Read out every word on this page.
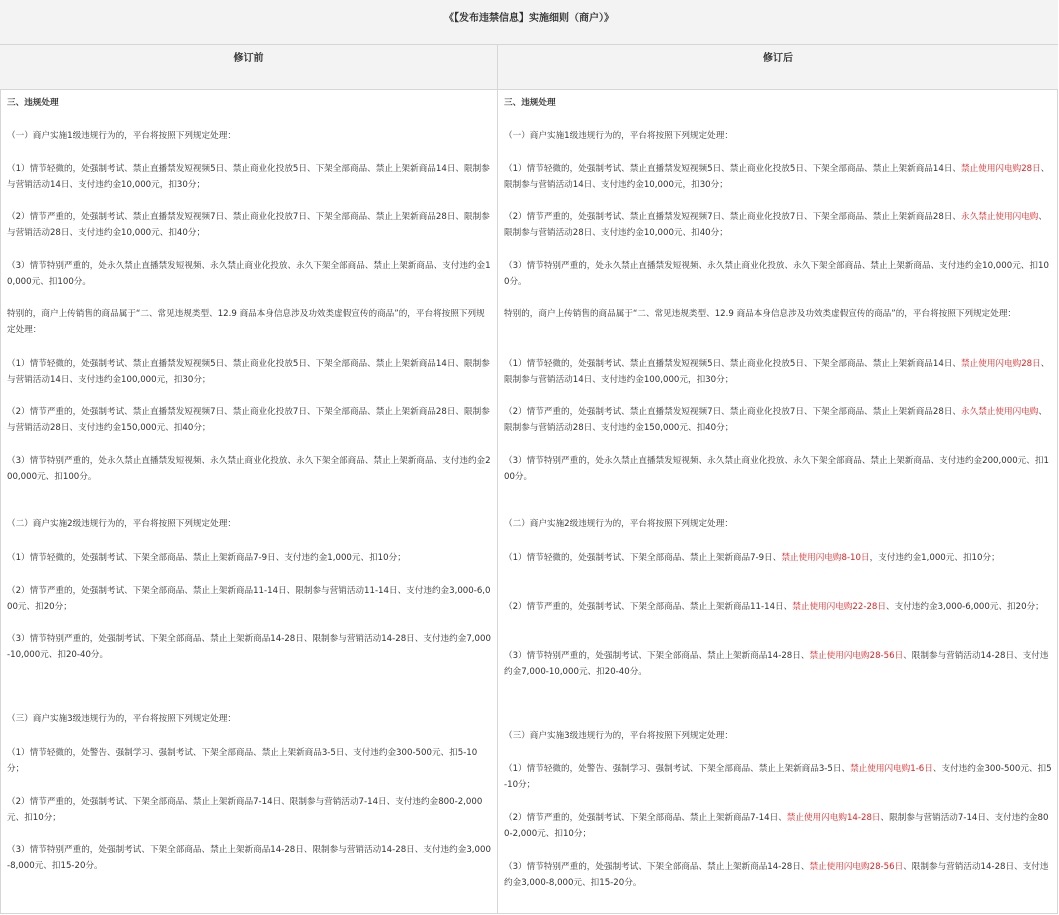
《【发布违禁信息】实施细则（商户）》
修订前	修订后
三、违规处理
（一）商户实施1级违规行为的，平台将按照下列规定处理：
（1）情节轻微的，处强制考试、禁止直播禁发短视频5日、禁止商业化投放5日、下架全部商品、禁止上架新商品14日、限制参与营销活动14日、支付违约金10,000元，扣30分；
（2）情节严重的，处强制考试、禁止直播禁发短视频7日、禁止商业化投放7日、下架全部商品、禁止上架新商品28日、限制参与营销活动28日、支付违约金10,000元、扣40分；
（3）情节特别严重的，处永久禁止直播禁发短视频、永久禁止商业化投放、永久下架全部商品、禁止上架新商品、支付违约金10,000元、扣100分。
特别的，商户上传销售的商品属于“二、常见违规类型、12.9 商品本身信息涉及功效类虚假宣传的商品”的，平台将按照下列规定处理：
（1）情节轻微的，处强制考试、禁止直播禁发短视频5日、禁止商业化投放5日、下架全部商品、禁止上架新商品14日、限制参与营销活动14日、支付违约金100,000元，扣30分；
（2）情节严重的，处强制考试、禁止直播禁发短视频7日、禁止商业化投放7日、下架全部商品、禁止上架新商品28日、限制参与营销活动28日、支付违约金150,000元、扣40分；
（3）情节特别严重的，处永久禁止直播禁发短视频、永久禁止商业化投放、永久下架全部商品、禁止上架新商品、支付违约金200,000元、扣100分。
（二）商户实施2级违规行为的，平台将按照下列规定处理：
（1）情节轻微的，处强制考试、下架全部商品、禁止上架新商品7-9日、支付违约金1,000元、扣10分；
（2）情节严重的，处强制考试、下架全部商品、禁止上架新商品11-14日、限制参与营销活动11-14日、支付违约金3,000-6,000元、扣20分；
（3）情节特别严重的，处强制考试、下架全部商品、禁止上架新商品14-28日、限制参与营销活动14-28日、支付违约金7,000-10,000元、扣20-40分。
（三）商户实施3级违规行为的，平台将按照下列规定处理：
（1）情节轻微的，处警告、强制学习、强制考试、下架全部商品、禁止上架新商品3-5日、支付违约金300-500元、扣5-10分；
（2）情节严重的，处强制考试、下架全部商品、禁止上架新商品7-14日、限制参与营销活动7-14日、支付违约金800-2,000元、扣10分；
（3）情节特别严重的，处强制考试、下架全部商品、禁止上架新商品14-28日、限制参与营销活动14-28日、支付违约金3,000-8,000元、扣15-20分。
三、违规处理
（一）商户实施1级违规行为的，平台将按照下列规定处理：
（1）情节轻微的，处强制考试、禁止直播禁发短视频5日、禁止商业化投放5日、下架全部商品、禁止上架新商品14日、禁止使用闪电购28日、限制参与营销活动14日、支付违约金10,000元，扣30分；
（2）情节严重的，处强制考试、禁止直播禁发短视频7日、禁止商业化投放7日、下架全部商品、禁止上架新商品28日、永久禁止使用闪电购、限制参与营销活动28日、支付违约金10,000元、扣40分；
（3）情节特别严重的，处永久禁止直播禁发短视频、永久禁止商业化投放、永久下架全部商品、禁止上架新商品、支付违约金10,000元、扣100分。
特别的，商户上传销售的商品属于“二、常见违规类型、12.9 商品本身信息涉及功效类虚假宣传的商品”的，平台将按照下列规定处理：
（1）情节轻微的，处强制考试、禁止直播禁发短视频5日、禁止商业化投放5日、下架全部商品、禁止上架新商品14日、禁止使用闪电购28日、限制参与营销活动14日、支付违约金100,000元，扣30分；
（2）情节严重的，处强制考试、禁止直播禁发短视频7日、禁止商业化投放7日、下架全部商品、禁止上架新商品28日、永久禁止使用闪电购、限制参与营销活动28日、支付违约金150,000元、扣40分；
（3）情节特别严重的，处永久禁止直播禁发短视频、永久禁止商业化投放、永久下架全部商品、禁止上架新商品、支付违约金200,000元、扣100分。
（二）商户实施2级违规行为的，平台将按照下列规定处理：
（1）情节轻微的，处强制考试、下架全部商品、禁止上架新商品7-9日、禁止使用闪电购8-10日，支付违约金1,000元、扣10分；
（2）情节严重的，处强制考试、下架全部商品、禁止上架新商品11-14日、禁止使用闪电购22-28日、支付违约金3,000-6,000元、扣20分；
（3）情节特别严重的，处强制考试、下架全部商品、禁止上架新商品14-28日、禁止使用闪电购28-56日、限制参与营销活动14-28日、支付违约金7,000-10,000元、扣20-40分。
（三）商户实施3级违规行为的，平台将按照下列规定处理：
（1）情节轻微的，处警告、强制学习、强制考试、下架全部商品、禁止上架新商品3-5日、禁止使用闪电购1-6日、支付违约金300-500元、扣5-10分；
（2）情节严重的，处强制考试、下架全部商品、禁止上架新商品7-14日、禁止使用闪电购14-28日、限制参与营销活动7-14日、支付违约金800-2,000元、扣10分；
（3）情节特别严重的，处强制考试、下架全部商品、禁止上架新商品14-28日、禁止使用闪电购28-56日、限制参与营销活动14-28日、支付违约金3,000-8,000元、扣15-20分。
